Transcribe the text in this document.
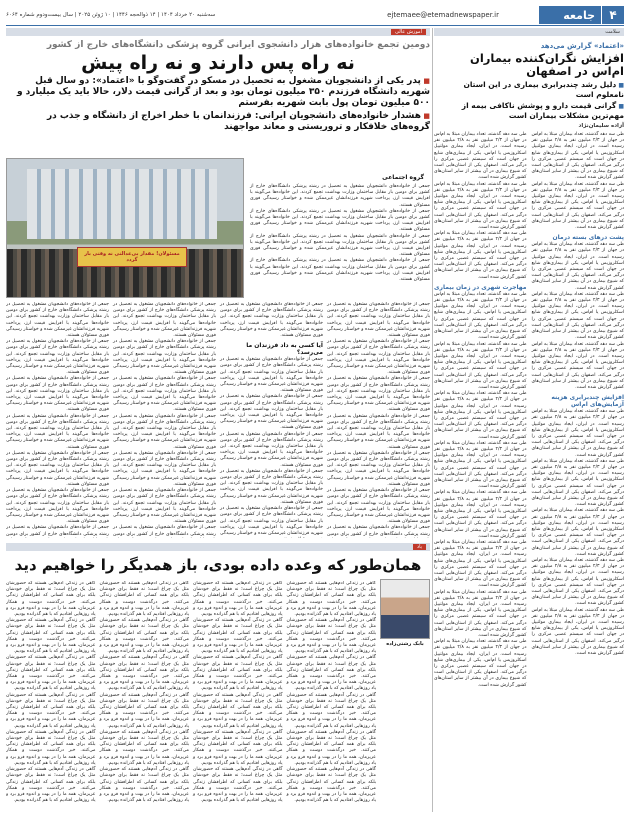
۴
جامعه
ejtemaee@etemadnewspaper.ir
سه‌شنبه ۲۰ خرداد ۱۴۰۴ | ۱۴ ذوالحجه ۱۴۴۶ | ۱۰ ژوئن ۲۰۲۵ | سال بیست‌و‌دوم شماره ۶۰۶۴
سلامت
«اعتماد» گزارش می‌دهد
افزایش نگران‌کننده بیماران ام‌اس در اصفهان
■ دلیل رشد چندبرابری بیماری در این استان نامعلوم است
■ گرانی قیمت دارو و پوشش ناکافی بیمه از مهم‌ترین مشکلات بیماران است
آزاده سلیمان‌نژاد
طی سه دهه گذشته، تعداد بیماران مبتلا به ام‌اس در جهان از ۲/۳ میلیون نفر به ۲/۸ میلیون نفر رسیده است. در ایران، ایجاد بیماری مولتیپل اسکلروزیس یا ام‌اس، یکی از بیماری‌های شایع در جهان است که سیستم عصبی مرکزی را درگیر می‌کند. اصفهان یکی از استان‌هایی است که شیوع بیماری در آن بیشتر از سایر استان‌های کشور گزارش شده است.
طی سه دهه گذشته، تعداد بیماران مبتلا به ام‌اس در جهان از ۲/۳ میلیون نفر به ۲/۸ میلیون نفر رسیده است. در ایران، ایجاد بیماری مولتیپل اسکلروزیس یا ام‌اس، یکی از بیماری‌های شایع در جهان است که سیستم عصبی مرکزی را درگیر می‌کند. اصفهان یکی از استان‌هایی است که شیوع بیماری در آن بیشتر از سایر استان‌های کشور گزارش شده است.
پشت درهای بسته درمان
طی سه دهه گذشته، تعداد بیماران مبتلا به ام‌اس در جهان از ۲/۳ میلیون نفر به ۲/۸ میلیون نفر رسیده است. در ایران، ایجاد بیماری مولتیپل اسکلروزیس یا ام‌اس، یکی از بیماری‌های شایع در جهان است که سیستم عصبی مرکزی را درگیر می‌کند. اصفهان یکی از استان‌هایی است که شیوع بیماری در آن بیشتر از سایر استان‌های کشور گزارش شده است.
طی سه دهه گذشته، تعداد بیماران مبتلا به ام‌اس در جهان از ۲/۳ میلیون نفر به ۲/۸ میلیون نفر رسیده است. در ایران، ایجاد بیماری مولتیپل اسکلروزیس یا ام‌اس، یکی از بیماری‌های شایع در جهان است که سیستم عصبی مرکزی را درگیر می‌کند. اصفهان یکی از استان‌هایی است که شیوع بیماری در آن بیشتر از سایر استان‌های کشور گزارش شده است.
طی سه دهه گذشته، تعداد بیماران مبتلا به ام‌اس در جهان از ۲/۳ میلیون نفر به ۲/۸ میلیون نفر رسیده است. در ایران، ایجاد بیماری مولتیپل اسکلروزیس یا ام‌اس، یکی از بیماری‌های شایع در جهان است که سیستم عصبی مرکزی را درگیر می‌کند. اصفهان یکی از استان‌هایی است که شیوع بیماری در آن بیشتر از سایر استان‌های کشور گزارش شده است.
افزایش چندبرابری هزینه آزمایش‌های ام‌اس
طی سه دهه گذشته، تعداد بیماران مبتلا به ام‌اس در جهان از ۲/۳ میلیون نفر به ۲/۸ میلیون نفر رسیده است. در ایران، ایجاد بیماری مولتیپل اسکلروزیس یا ام‌اس، یکی از بیماری‌های شایع در جهان است که سیستم عصبی مرکزی را درگیر می‌کند. اصفهان یکی از استان‌هایی است که شیوع بیماری در آن بیشتر از سایر استان‌های کشور گزارش شده است.
طی سه دهه گذشته، تعداد بیماران مبتلا به ام‌اس در جهان از ۲/۳ میلیون نفر به ۲/۸ میلیون نفر رسیده است. در ایران، ایجاد بیماری مولتیپل اسکلروزیس یا ام‌اس، یکی از بیماری‌های شایع در جهان است که سیستم عصبی مرکزی را درگیر می‌کند. اصفهان یکی از استان‌هایی است که شیوع بیماری در آن بیشتر از سایر استان‌های کشور گزارش شده است.
طی سه دهه گذشته، تعداد بیماران مبتلا به ام‌اس در جهان از ۲/۳ میلیون نفر به ۲/۸ میلیون نفر رسیده است. در ایران، ایجاد بیماری مولتیپل اسکلروزیس یا ام‌اس، یکی از بیماری‌های شایع در جهان است که سیستم عصبی مرکزی را درگیر می‌کند. اصفهان یکی از استان‌هایی است که شیوع بیماری در آن بیشتر از سایر استان‌های کشور گزارش شده است.
طی سه دهه گذشته، تعداد بیماران مبتلا به ام‌اس در جهان از ۲/۳ میلیون نفر به ۲/۸ میلیون نفر رسیده است. در ایران، ایجاد بیماری مولتیپل اسکلروزیس یا ام‌اس، یکی از بیماری‌های شایع در جهان است که سیستم عصبی مرکزی را درگیر می‌کند. اصفهان یکی از استان‌هایی است که شیوع بیماری در آن بیشتر از سایر استان‌های کشور گزارش شده است.
طی سه دهه گذشته، تعداد بیماران مبتلا به ام‌اس در جهان از ۲/۳ میلیون نفر به ۲/۸ میلیون نفر رسیده است. در ایران، ایجاد بیماری مولتیپل اسکلروزیس یا ام‌اس، یکی از بیماری‌های شایع در جهان است که سیستم عصبی مرکزی را درگیر می‌کند. اصفهان یکی از استان‌هایی است که شیوع بیماری در آن بیشتر از سایر استان‌های کشور گزارش شده است.
طی سه دهه گذشته، تعداد بیماران مبتلا به ام‌اس در جهان از ۲/۳ میلیون نفر به ۲/۸ میلیون نفر رسیده است. در ایران، ایجاد بیماری مولتیپل اسکلروزیس یا ام‌اس، یکی از بیماری‌های شایع در جهان است که سیستم عصبی مرکزی را درگیر می‌کند. اصفهان یکی از استان‌هایی است که شیوع بیماری در آن بیشتر از سایر استان‌های کشور گزارش شده است.
طی سه دهه گذشته، تعداد بیماران مبتلا به ام‌اس در جهان از ۲/۳ میلیون نفر به ۲/۸ میلیون نفر رسیده است. در ایران، ایجاد بیماری مولتیپل اسکلروزیس یا ام‌اس، یکی از بیماری‌های شایع در جهان است که سیستم عصبی مرکزی را درگیر می‌کند. اصفهان یکی از استان‌هایی است که شیوع بیماری در آن بیشتر از سایر استان‌های کشور گزارش شده است.
طی سه دهه گذشته، تعداد بیماران مبتلا به ام‌اس در جهان از ۲/۳ میلیون نفر به ۲/۸ میلیون نفر رسیده است. در ایران، ایجاد بیماری مولتیپل اسکلروزیس یا ام‌اس، یکی از بیماری‌های شایع در جهان است که سیستم عصبی مرکزی را درگیر می‌کند. اصفهان یکی از استان‌هایی است که شیوع بیماری در آن بیشتر از سایر استان‌های کشور گزارش شده است.
مهاجرت شهری در زمان بیماری
طی سه دهه گذشته، تعداد بیماران مبتلا به ام‌اس در جهان از ۲/۳ میلیون نفر به ۲/۸ میلیون نفر رسیده است. در ایران، ایجاد بیماری مولتیپل اسکلروزیس یا ام‌اس، یکی از بیماری‌های شایع در جهان است که سیستم عصبی مرکزی را درگیر می‌کند. اصفهان یکی از استان‌هایی است که شیوع بیماری در آن بیشتر از سایر استان‌های کشور گزارش شده است.
طی سه دهه گذشته، تعداد بیماران مبتلا به ام‌اس در جهان از ۲/۳ میلیون نفر به ۲/۸ میلیون نفر رسیده است. در ایران، ایجاد بیماری مولتیپل اسکلروزیس یا ام‌اس، یکی از بیماری‌های شایع در جهان است که سیستم عصبی مرکزی را درگیر می‌کند. اصفهان یکی از استان‌هایی است که شیوع بیماری در آن بیشتر از سایر استان‌های کشور گزارش شده است.
طی سه دهه گذشته، تعداد بیماران مبتلا به ام‌اس در جهان از ۲/۳ میلیون نفر به ۲/۸ میلیون نفر رسیده است. در ایران، ایجاد بیماری مولتیپل اسکلروزیس یا ام‌اس، یکی از بیماری‌های شایع در جهان است که سیستم عصبی مرکزی را درگیر می‌کند. اصفهان یکی از استان‌هایی است که شیوع بیماری در آن بیشتر از سایر استان‌های کشور گزارش شده است.
طی سه دهه گذشته، تعداد بیماران مبتلا به ام‌اس در جهان از ۲/۳ میلیون نفر به ۲/۸ میلیون نفر رسیده است. در ایران، ایجاد بیماری مولتیپل اسکلروزیس یا ام‌اس، یکی از بیماری‌های شایع در جهان است که سیستم عصبی مرکزی را درگیر می‌کند. اصفهان یکی از استان‌هایی است که شیوع بیماری در آن بیشتر از سایر استان‌های کشور گزارش شده است.
طی سه دهه گذشته، تعداد بیماران مبتلا به ام‌اس در جهان از ۲/۳ میلیون نفر به ۲/۸ میلیون نفر رسیده است. در ایران، ایجاد بیماری مولتیپل اسکلروزیس یا ام‌اس، یکی از بیماری‌های شایع در جهان است که سیستم عصبی مرکزی را درگیر می‌کند. اصفهان یکی از استان‌هایی است که شیوع بیماری در آن بیشتر از سایر استان‌های کشور گزارش شده است.
طی سه دهه گذشته، تعداد بیماران مبتلا به ام‌اس در جهان از ۲/۳ میلیون نفر به ۲/۸ میلیون نفر رسیده است. در ایران، ایجاد بیماری مولتیپل اسکلروزیس یا ام‌اس، یکی از بیماری‌های شایع در جهان است که سیستم عصبی مرکزی را درگیر می‌کند. اصفهان یکی از استان‌هایی است که شیوع بیماری در آن بیشتر از سایر استان‌های کشور گزارش شده است.
طی سه دهه گذشته، تعداد بیماران مبتلا به ام‌اس در جهان از ۲/۳ میلیون نفر به ۲/۸ میلیون نفر رسیده است. در ایران، ایجاد بیماری مولتیپل اسکلروزیس یا ام‌اس، یکی از بیماری‌های شایع در جهان است که سیستم عصبی مرکزی را درگیر می‌کند. اصفهان یکی از استان‌هایی است که شیوع بیماری در آن بیشتر از سایر استان‌های کشور گزارش شده است.
طی سه دهه گذشته، تعداد بیماران مبتلا به ام‌اس در جهان از ۲/۳ میلیون نفر به ۲/۸ میلیون نفر رسیده است. در ایران، ایجاد بیماری مولتیپل اسکلروزیس یا ام‌اس، یکی از بیماری‌های شایع در جهان است که سیستم عصبی مرکزی را درگیر می‌کند. اصفهان یکی از استان‌هایی است که شیوع بیماری در آن بیشتر از سایر استان‌های کشور گزارش شده است.
آموزش عالی
دومین تجمع خانواده‌های هزار دانشجوی ایرانی گروه پزشکی دانشگاه‌های خارج از کشور
نه راه پس دارند و نه راه پیش
■ پدر یکی از دانشجویان مشغول به تحصیل در مسکو در گفت‌وگو با «اعتماد»: دو سال قبل شهریه دانشگاه فرزندم ۳۵۰ میلیون تومان بود و بعد از گرانی قیمت دلار، حالا باید یک میلیارد و ۵۰۰ میلیون تومان پول بابت شهریه بفرستم
■ هشدار خانواده‌های دانشجویان ایرانی: فرزندانمان با خطر اخراج از دانشگاه و جذب در گروه‌های خلافکار و تروریستی و معاند مواجهند
مسئولان! مقدار بی‌عدالتی نه وقتی بار گردد
گروه اجتماعی
جمعی از خانواده‌های دانشجویان مشغول به تحصیل در رشته پزشکی دانشگاه‌های خارج از کشور برای دومین بار مقابل ساختمان وزارت بهداشت تجمع کردند. این خانواده‌ها می‌گویند با افزایش قیمت ارز، پرداخت شهریه فرزندانشان غیرممکن شده و خواستار رسیدگی فوری مسئولان هستند.
جمعی از خانواده‌های دانشجویان مشغول به تحصیل در رشته پزشکی دانشگاه‌های خارج از کشور برای دومین بار مقابل ساختمان وزارت بهداشت تجمع کردند. این خانواده‌ها می‌گویند با افزایش قیمت ارز، پرداخت شهریه فرزندانشان غیرممکن شده و خواستار رسیدگی فوری مسئولان هستند.
جمعی از خانواده‌های دانشجویان مشغول به تحصیل در رشته پزشکی دانشگاه‌های خارج از کشور برای دومین بار مقابل ساختمان وزارت بهداشت تجمع کردند. این خانواده‌ها می‌گویند با افزایش قیمت ارز، پرداخت شهریه فرزندانشان غیرممکن شده و خواستار رسیدگی فوری مسئولان هستند.
جمعی از خانواده‌های دانشجویان مشغول به تحصیل در رشته پزشکی دانشگاه‌های خارج از کشور برای دومین بار مقابل ساختمان وزارت بهداشت تجمع کردند. این خانواده‌ها می‌گویند با افزایش قیمت ارز، پرداخت شهریه فرزندانشان غیرممکن شده و خواستار رسیدگی فوری مسئولان هستند.
جمعی از خانواده‌های دانشجویان مشغول به تحصیل در رشته پزشکی دانشگاه‌های خارج از کشور برای دومین بار مقابل ساختمان وزارت بهداشت تجمع کردند. این خانواده‌ها می‌گویند با افزایش قیمت ارز، پرداخت شهریه فرزندانشان غیرممکن شده و خواستار رسیدگی فوری مسئولان هستند.
جمعی از خانواده‌های دانشجویان مشغول به تحصیل در رشته پزشکی دانشگاه‌های خارج از کشور برای دومین بار مقابل ساختمان وزارت بهداشت تجمع کردند. این خانواده‌ها می‌گویند با افزایش قیمت ارز، پرداخت شهریه فرزندانشان غیرممکن شده و خواستار رسیدگی فوری مسئولان هستند.
جمعی از خانواده‌های دانشجویان مشغول به تحصیل در رشته پزشکی دانشگاه‌های خارج از کشور برای دومین بار مقابل ساختمان وزارت بهداشت تجمع کردند. این خانواده‌ها می‌گویند با افزایش قیمت ارز، پرداخت شهریه فرزندانشان غیرممکن شده و خواستار رسیدگی فوری مسئولان هستند.
جمعی از خانواده‌های دانشجویان مشغول به تحصیل در رشته پزشکی دانشگاه‌های خارج از کشور برای دومین بار مقابل ساختمان وزارت بهداشت تجمع کردند. این خانواده‌ها می‌گویند با افزایش قیمت ارز، پرداخت شهریه فرزندانشان غیرممکن شده و خواستار رسیدگی فوری مسئولان هستند.
جمعی از خانواده‌های دانشجویان مشغول به تحصیل در رشته پزشکی دانشگاه‌های خارج از کشور برای دومین بار مقابل ساختمان وزارت بهداشت تجمع کردند. این خانواده‌ها می‌گویند با افزایش قیمت ارز، پرداخت شهریه فرزندانشان غیرممکن شده و خواستار رسیدگی فوری مسئولان هستند.
جمعی از خانواده‌های دانشجویان مشغول به تحصیل در رشته پزشکی دانشگاه‌های خارج از کشور برای دومین بار مقابل ساختمان وزارت بهداشت تجمع کردند. این خانواده‌ها می‌گویند با افزایش قیمت ارز، پرداخت شهریه فرزندانشان غیرممکن شده و خواستار رسیدگی فوری مسئولان هستند.
جمعی از خانواده‌های دانشجویان مشغول به تحصیل در رشته پزشکی دانشگاه‌های خارج از کشور برای دومین
جمعی از خانواده‌های دانشجویان مشغول به تحصیل در رشته پزشکی دانشگاه‌های خارج از کشور برای دومین بار مقابل ساختمان وزارت بهداشت تجمع کردند. این خانواده‌ها می‌گویند با افزایش قیمت ارز، پرداخت شهریه فرزندانشان غیرممکن شده و خواستار رسیدگی فوری مسئولان هستند.
آیا کسی به داد فرزندان ما می‌رسد؟
جمعی از خانواده‌های دانشجویان مشغول به تحصیل در رشته پزشکی دانشگاه‌های خارج از کشور برای دومین بار مقابل ساختمان وزارت بهداشت تجمع کردند. این خانواده‌ها می‌گویند با افزایش قیمت ارز، پرداخت شهریه فرزندانشان غیرممکن شده و خواستار رسیدگی فوری مسئولان هستند.
جمعی از خانواده‌های دانشجویان مشغول به تحصیل در رشته پزشکی دانشگاه‌های خارج از کشور برای دومین بار مقابل ساختمان وزارت بهداشت تجمع کردند. این خانواده‌ها می‌گویند با افزایش قیمت ارز، پرداخت شهریه فرزندانشان غیرممکن شده و خواستار رسیدگی فوری مسئولان هستند.
جمعی از خانواده‌های دانشجویان مشغول به تحصیل در رشته پزشکی دانشگاه‌های خارج از کشور برای دومین بار مقابل ساختمان وزارت بهداشت تجمع کردند. این خانواده‌ها می‌گویند با افزایش قیمت ارز، پرداخت شهریه فرزندانشان غیرممکن شده و خواستار رسیدگی فوری مسئولان هستند.
جمعی از خانواده‌های دانشجویان مشغول به تحصیل در رشته پزشکی دانشگاه‌های خارج از کشور برای دومین بار مقابل ساختمان وزارت بهداشت تجمع کردند. این خانواده‌ها می‌گویند با افزایش قیمت ارز، پرداخت شهریه فرزندانشان غیرممکن شده و خواستار رسیدگی فوری مسئولان هستند.
جمعی از خانواده‌های دانشجویان مشغول به تحصیل در رشته پزشکی دانشگاه‌های خارج از کشور برای دومین بار مقابل ساختمان وزارت بهداشت تجمع کردند. این خانواده‌ها می‌گویند با افزایش قیمت ارز، پرداخت شهریه فرزندانشان غیرممکن شده و خواستار رسیدگی
جمعی از خانواده‌های دانشجویان مشغول به تحصیل در رشته پزشکی دانشگاه‌های خارج از کشور برای دومین بار مقابل ساختمان وزارت بهداشت تجمع کردند. این خانواده‌ها می‌گویند با افزایش قیمت ارز، پرداخت شهریه فرزندانشان غیرممکن شده و خواستار رسیدگی فوری مسئولان هستند.
جمعی از خانواده‌های دانشجویان مشغول به تحصیل در رشته پزشکی دانشگاه‌های خارج از کشور برای دومین بار مقابل ساختمان وزارت بهداشت تجمع کردند. این خانواده‌ها می‌گویند با افزایش قیمت ارز، پرداخت شهریه فرزندانشان غیرممکن شده و خواستار رسیدگی فوری مسئولان هستند.
جمعی از خانواده‌های دانشجویان مشغول به تحصیل در رشته پزشکی دانشگاه‌های خارج از کشور برای دومین بار مقابل ساختمان وزارت بهداشت تجمع کردند. این خانواده‌ها می‌گویند با افزایش قیمت ارز، پرداخت شهریه فرزندانشان غیرممکن شده و خواستار رسیدگی فوری مسئولان هستند.
جمعی از خانواده‌های دانشجویان مشغول به تحصیل در رشته پزشکی دانشگاه‌های خارج از کشور برای دومین بار مقابل ساختمان وزارت بهداشت تجمع کردند. این خانواده‌ها می‌گویند با افزایش قیمت ارز، پرداخت شهریه فرزندانشان غیرممکن شده و خواستار رسیدگی فوری مسئولان هستند.
جمعی از خانواده‌های دانشجویان مشغول به تحصیل در رشته پزشکی دانشگاه‌های خارج از کشور برای دومین بار مقابل ساختمان وزارت بهداشت تجمع کردند. این خانواده‌ها می‌گویند با افزایش قیمت ارز، پرداخت شهریه فرزندانشان غیرممکن شده و خواستار رسیدگی فوری مسئولان هستند.
جمعی از خانواده‌های دانشجویان مشغول به تحصیل در رشته پزشکی دانشگاه‌های خارج از کشور برای دومین بار مقابل ساختمان وزارت بهداشت تجمع کردند. این خانواده‌ها می‌گویند با افزایش قیمت ارز، پرداخت شهریه فرزندانشان غیرممکن شده و خواستار رسیدگی فوری مسئولان هستند.
جمعی از خانواده‌های دانشجویان مشغول به تحصیل در رشته پزشکی دانشگاه‌های خارج از کشور برای دومین
جمعی از خانواده‌های دانشجویان مشغول به تحصیل در رشته پزشکی دانشگاه‌های خارج از کشور برای دومین بار مقابل ساختمان وزارت بهداشت تجمع کردند. این خانواده‌ها می‌گویند با افزایش قیمت ارز، پرداخت شهریه فرزندانشان غیرممکن شده و خواستار رسیدگی فوری مسئولان هستند.
جمعی از خانواده‌های دانشجویان مشغول به تحصیل در رشته پزشکی دانشگاه‌های خارج از کشور برای دومین بار مقابل ساختمان وزارت بهداشت تجمع کردند. این خانواده‌ها می‌گویند با افزایش قیمت ارز، پرداخت شهریه فرزندانشان غیرممکن شده و خواستار رسیدگی فوری مسئولان هستند.
جمعی از خانواده‌های دانشجویان مشغول به تحصیل در رشته پزشکی دانشگاه‌های خارج از کشور برای دومین بار مقابل ساختمان وزارت بهداشت تجمع کردند. این خانواده‌ها می‌گویند با افزایش قیمت ارز، پرداخت شهریه فرزندانشان غیرممکن شده و خواستار رسیدگی فوری مسئولان هستند.
جمعی از خانواده‌های دانشجویان مشغول به تحصیل در رشته پزشکی دانشگاه‌های خارج از کشور برای دومین بار مقابل ساختمان وزارت بهداشت تجمع کردند. این خانواده‌ها می‌گویند با افزایش قیمت ارز، پرداخت شهریه فرزندانشان غیرممکن شده و خواستار رسیدگی فوری مسئولان هستند.
جمعی از خانواده‌های دانشجویان مشغول به تحصیل در رشته پزشکی دانشگاه‌های خارج از کشور برای دومین بار مقابل ساختمان وزارت بهداشت تجمع کردند. این خانواده‌ها می‌گویند با افزایش قیمت ارز، پرداخت شهریه فرزندانشان غیرممکن شده و خواستار رسیدگی فوری مسئولان هستند.
جمعی از خانواده‌های دانشجویان مشغول به تحصیل در رشته پزشکی دانشگاه‌های خارج از کشور برای دومین بار مقابل ساختمان وزارت بهداشت تجمع کردند. این خانواده‌ها می‌گویند با افزایش قیمت ارز، پرداخت شهریه فرزندانشان غیرممکن شده و خواستار رسیدگی فوری مسئولان هستند.
جمعی از خانواده‌های دانشجویان مشغول به تحصیل در رشته پزشکی دانشگاه‌های خارج از کشور برای دومین
یاد
همان‌طور که وعده داده بودی، باز همدیگر را خواهیم دید
بابک رشتی‌زاده
گاهی در زندگی آدم‌هایی هستند که حضورشان مثل یک چراغ است؛ نه فقط برای خودشان بلکه برای همه کسانی که اطرافشان زندگی می‌کنند. خبر درگذشت دوست و همکار عزیزمان، همه ما را در بهت و اندوه فرو برد و یاد روزهایی افتادیم که با هم گذرانده بودیم.
گاهی در زندگی آدم‌هایی هستند که حضورشان مثل یک چراغ است؛ نه فقط برای خودشان بلکه برای همه کسانی که اطرافشان زندگی می‌کنند. خبر درگذشت دوست و همکار عزیزمان، همه ما را در بهت و اندوه فرو برد و یاد روزهایی افتادیم که با هم گذرانده بودیم.
گاهی در زندگی آدم‌هایی هستند که حضورشان مثل یک چراغ است؛ نه فقط برای خودشان بلکه برای همه کسانی که اطرافشان زندگی می‌کنند. خبر درگذشت دوست و همکار عزیزمان، همه ما را در بهت و اندوه فرو برد و یاد روزهایی افتادیم که با هم گذرانده بودیم.
گاهی در زندگی آدم‌هایی هستند که حضورشان مثل یک چراغ است؛ نه فقط برای خودشان بلکه برای همه کسانی که اطرافشان زندگی می‌کنند. خبر درگذشت دوست و همکار عزیزمان، همه ما را در بهت و اندوه فرو برد و یاد روزهایی افتادیم که با هم گذرانده بودیم.
گاهی در زندگی آدم‌هایی هستند که حضورشان مثل یک چراغ است؛ نه فقط برای خودشان بلکه برای همه کسانی که اطرافشان زندگی می‌کنند. خبر درگذشت دوست و همکار عزیزمان، همه ما را در بهت و اندوه فرو برد و یاد روزهایی افتادیم که با هم گذرانده بودیم.
گاهی در زندگی آدم‌هایی هستند که حضورشان مثل یک چراغ است؛ نه فقط برای خودشان بلکه برای همه کسانی که اطرافشان زندگی می‌کنند. خبر درگذشت دوست و همکار عزیزمان، همه ما را در بهت و اندوه فرو برد و یاد روزهایی افتادیم که با هم گذرانده بودیم.
گاهی در زندگی آدم‌هایی هستند که حضورشان مثل یک چراغ است؛ نه فقط برای خودشان بلکه برای همه کسانی که اطرافشان زندگی می‌کنند. خبر درگذشت دوست و همکار عزیزمان، همه ما را در بهت و اندوه فرو برد و یاد روزهایی افتادیم که با هم گذرانده بودیم.
گاهی در زندگی آدم‌هایی هستند که حضورشان مثل یک چراغ است؛ نه فقط برای خودشان بلکه برای همه کسانی که اطرافشان زندگی می‌کنند. خبر درگذشت دوست و همکار عزیزمان، همه ما را در بهت و اندوه فرو برد و یاد روزهایی افتادیم که با هم گذرانده بودیم.
گاهی در زندگی آدم‌هایی هستند که حضورشان مثل یک چراغ است؛ نه فقط برای خودشان بلکه برای همه کسانی که اطرافشان زندگی می‌کنند. خبر درگذشت دوست و همکار عزیزمان، همه ما را در بهت و اندوه فرو برد و یاد روزهایی افتادیم که با هم گذرانده بودیم.
گاهی در زندگی آدم‌هایی هستند که حضورشان مثل یک چراغ است؛ نه فقط برای خودشان بلکه برای همه کسانی که اطرافشان زندگی می‌کنند. خبر درگذشت دوست و همکار عزیزمان، همه ما را در بهت و اندوه فرو برد و یاد روزهایی افتادیم که با هم گذرانده بودیم.
گاهی در زندگی آدم‌هایی هستند که حضورشان مثل یک چراغ است؛ نه فقط برای خودشان بلکه برای همه کسانی که اطرافشان زندگی می‌کنند. خبر درگذشت دوست و همکار عزیزمان، همه ما را در بهت و اندوه فرو برد و یاد روزهایی افتادیم که با هم گذرانده بودیم.
گاهی در زندگی آدم‌هایی هستند که حضورشان مثل یک چراغ است؛ نه فقط برای خودشان بلکه برای همه کسانی که اطرافشان زندگی می‌کنند. خبر درگذشت دوست و همکار عزیزمان، همه ما را در بهت و اندوه فرو برد و یاد روزهایی افتادیم که با هم گذرانده بودیم.
گاهی در زندگی آدم‌هایی هستند که حضورشان مثل یک چراغ است؛ نه فقط برای خودشان بلکه برای همه کسانی که اطرافشان زندگی می‌کنند. خبر درگذشت دوست و همکار عزیزمان، همه ما را در بهت و اندوه فرو برد و یاد روزهایی افتادیم که با هم گذرانده بودیم.
گاهی در زندگی آدم‌هایی هستند که حضورشان مثل یک چراغ است؛ نه فقط برای خودشان بلکه برای همه کسانی که اطرافشان زندگی می‌کنند. خبر درگذشت دوست و همکار عزیزمان، همه ما را در بهت و اندوه فرو برد و یاد روزهایی افتادیم که با هم گذرانده بودیم.
گاهی در زندگی آدم‌هایی هستند که حضورشان مثل یک چراغ است؛ نه فقط برای خودشان بلکه برای همه کسانی که اطرافشان زندگی می‌کنند. خبر درگذشت دوست و همکار عزیزمان، همه ما را در بهت و اندوه فرو برد و یاد روزهایی افتادیم که با هم گذرانده بودیم.
گاهی در زندگی آدم‌هایی هستند که حضورشان مثل یک چراغ است؛ نه فقط برای خودشان بلکه برای همه کسانی که اطرافشان زندگی می‌کنند. خبر درگذشت دوست و همکار عزیزمان، همه ما را در بهت و اندوه فرو برد و یاد روزهایی افتادیم که با هم گذرانده بودیم.
گاهی در زندگی آدم‌هایی هستند که حضورشان مثل یک چراغ است؛ نه فقط برای خودشان بلکه برای همه کسانی که اطرافشان زندگی می‌کنند. خبر درگذشت دوست و همکار عزیزمان، همه ما را در بهت و اندوه فرو برد و یاد روزهایی افتادیم که با هم گذرانده بودیم.
گاهی در زندگی آدم‌هایی هستند که حضورشان مثل یک چراغ است؛ نه فقط برای خودشان بلکه برای همه کسانی که اطرافشان زندگی می‌کنند. خبر درگذشت دوست و همکار عزیزمان، همه ما را در بهت و اندوه فرو برد و یاد روزهایی افتادیم که با هم گذرانده بودیم.
گاهی در زندگی آدم‌هایی هستند که حضورشان مثل یک چراغ است؛ نه فقط برای خودشان بلکه برای همه کسانی که اطرافشان زندگی می‌کنند. خبر درگذشت دوست و همکار عزیزمان، همه ما را در بهت و اندوه فرو برد و یاد روزهایی افتادیم که با هم گذرانده بودیم.
گاهی در زندگی آدم‌هایی هستند که حضورشان مثل یک چراغ است؛ نه فقط برای خودشان بلکه برای همه کسانی که اطرافشان زندگی می‌کنند. خبر درگذشت دوست و همکار عزیزمان، همه ما را در بهت و اندوه فرو برد و یاد روزهایی افتادیم که با هم گذرانده بودیم.
گاهی در زندگی آدم‌هایی هستند که حضورشان مثل یک چراغ است؛ نه فقط برای خودشان بلکه برای همه کسانی که اطرافشان زندگی می‌کنند. خبر درگذشت دوست و همکار عزیزمان، همه ما را در بهت و اندوه فرو برد و یاد روزهایی افتادیم که با هم گذرانده بودیم.
گاهی در زندگی آدم‌هایی هستند که حضورشان مثل یک چراغ است؛ نه فقط برای خودشان بلکه برای همه کسانی که اطرافشان زندگی می‌کنند. خبر درگذشت دوست و همکار عزیزمان، همه ما را در بهت و اندوه فرو برد و یاد روزهایی افتادیم که با هم گذرانده بودیم.
گاهی در زندگی آدم‌هایی هستند که حضورشان مثل یک چراغ است؛ نه فقط برای خودشان بلکه برای همه کسانی که اطرافشان زندگی می‌کنند. خبر درگذشت دوست و همکار عزیزمان، همه ما را در بهت و اندوه فرو برد و یاد روزهایی افتادیم که با هم گذرانده بودیم.
گاهی در زندگی آدم‌هایی هستند که حضورشان مثل یک چراغ است؛ نه فقط برای خودشان بلکه برای همه کسانی که اطرافشان زندگی می‌کنند. خبر درگذشت دوست و همکار عزیزمان، همه ما را در بهت و اندوه فرو برد و یاد روزهایی افتادیم که با هم گذرانده بودیم.
